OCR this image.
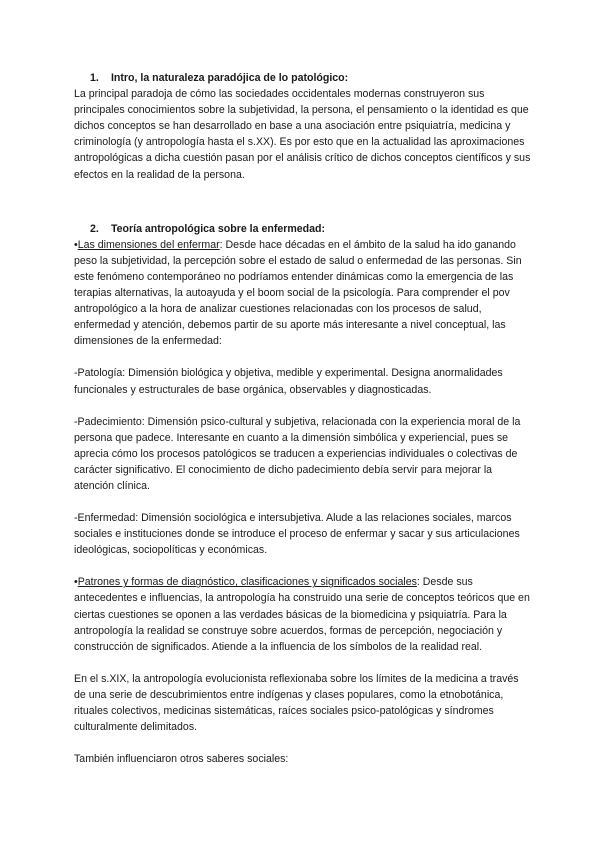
1. Intro, la naturaleza paradójica de lo patológico:

La principal paradoja de cómo las sociedades occidentales modernas construyeron sus principales conocimientos sobre la subjetividad, la persona, el pensamiento o la identidad es que dichos conceptos se han desarrollado en base a una asociación entre psiquiatría, medicina y criminología (y antropología hasta el s.XX). Es por esto que en la actualidad las aproximaciones antropológicas a dicha cuestión pasan por el análisis crítico de dichos conceptos científicos y sus efectos en la realidad de la persona.

2. Teoría antropológica sobre la enfermedad:

•Las dimensiones del enfermar: Desde hace décadas en el ámbito de la salud ha ido ganando peso la subjetividad, la percepción sobre el estado de salud o enfermedad de las personas. Sin este fenómeno contemporáneo no podríamos entender dinámicas como la emergencia de las terapias alternativas, la autoayuda y el boom social de la psicología. Para comprender el pov antropológico a la hora de analizar cuestiones relacionadas con los procesos de salud, enfermedad y atención, debemos partir de su aporte más interesante a nivel conceptual, las dimensiones de la enfermedad:

-Patología: Dimensión biológica y objetiva, medible y experimental. Designa anormalidades funcionales y estructurales de base orgánica, observables y diagnosticadas.

-Padecimiento: Dimensión psico-cultural y subjetiva, relacionada con la experiencia moral de la persona que padece. Interesante en cuanto a la dimensión simbólica y experiencial, pues se aprecia cómo los procesos patológicos se traducen a experiencias individuales o colectivas de carácter significativo. El conocimiento de dicho padecimiento debía servir para mejorar la atención clínica.

-Enfermedad: Dimensión sociológica e intersubjetiva. Alude a las relaciones sociales, marcos sociales e instituciones donde se introduce el proceso de enfermar y sacar y sus articulaciones ideológicas, sociopolíticas y económicas.

•Patrones y formas de diagnóstico, clasificaciones y significados sociales: Desde sus antecedentes e influencias, la antropología ha construido una serie de conceptos teóricos que en ciertas cuestiones se oponen a las verdades básicas de la biomedicina y psiquiatría. Para la antropología la realidad se construye sobre acuerdos, formas de percepción, negociación y construcción de significados. Atiende a la influencia de los símbolos de la realidad real.

En el s.XIX, la antropología evolucionista reflexionaba sobre los límites de la medicina a través de una serie de descubrimientos entre indígenas y clases populares, como la etnobotánica, rituales colectivos, medicinas sistemáticas, raíces sociales psico-patológicas y síndromes culturalmente delimitados.

También influenciaron otros saberes sociales:
